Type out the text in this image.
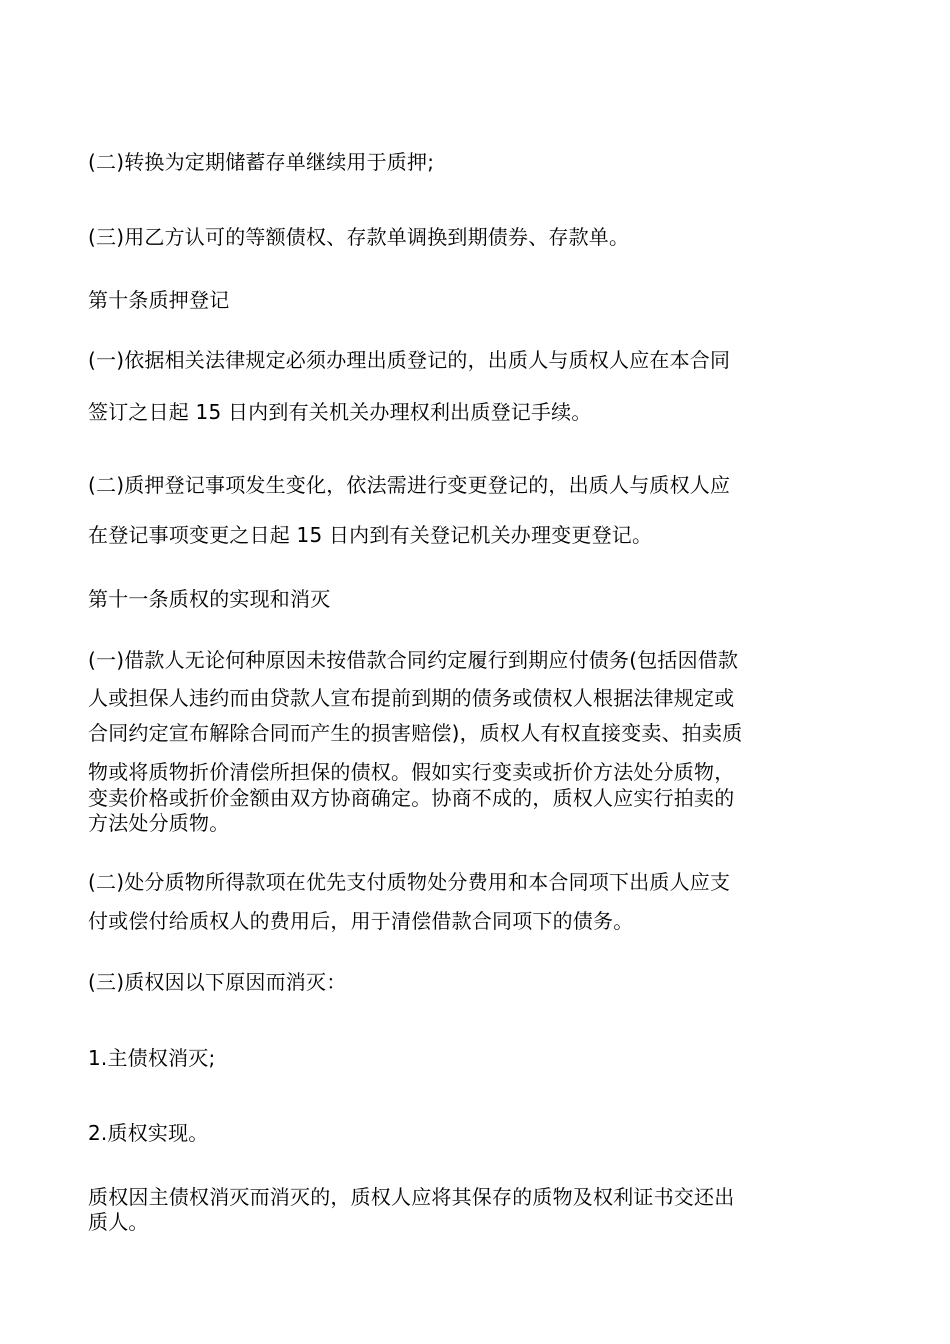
(二)转换为定期储蓄存单继续用于质押;
(三)用乙方认可的等额债权、存款单调换到期债券、存款单。
第十条质押登记
(一)依据相关法律规定必须办理出质登记的，出质人与质权人应在本合同
签订之日起 15 日内到有关机关办理权利出质登记手续。
(二)质押登记事项发生变化，依法需进行变更登记的，出质人与质权人应
在登记事项变更之日起 15 日内到有关登记机关办理变更登记。
第十一条质权的实现和消灭
(一)借款人无论何种原因未按借款合同约定履行到期应付债务(包括因借款
人或担保人违约而由贷款人宣布提前到期的债务或债权人根据法律规定或
合同约定宣布解除合同而产生的损害赔偿)，质权人有权直接变卖、拍卖质
物或将质物折价清偿所担保的债权。假如实行变卖或折价方法处分质物，
变卖价格或折价金额由双方协商确定。协商不成的，质权人应实行拍卖的
方法处分质物。
(二)处分质物所得款项在优先支付质物处分费用和本合同项下出质人应支
付或偿付给质权人的费用后，用于清偿借款合同项下的债务。
(三)质权因以下原因而消灭：
1.主债权消灭;
2.质权实现。
质权因主债权消灭而消灭的，质权人应将其保存的质物及权利证书交还出
质人。
